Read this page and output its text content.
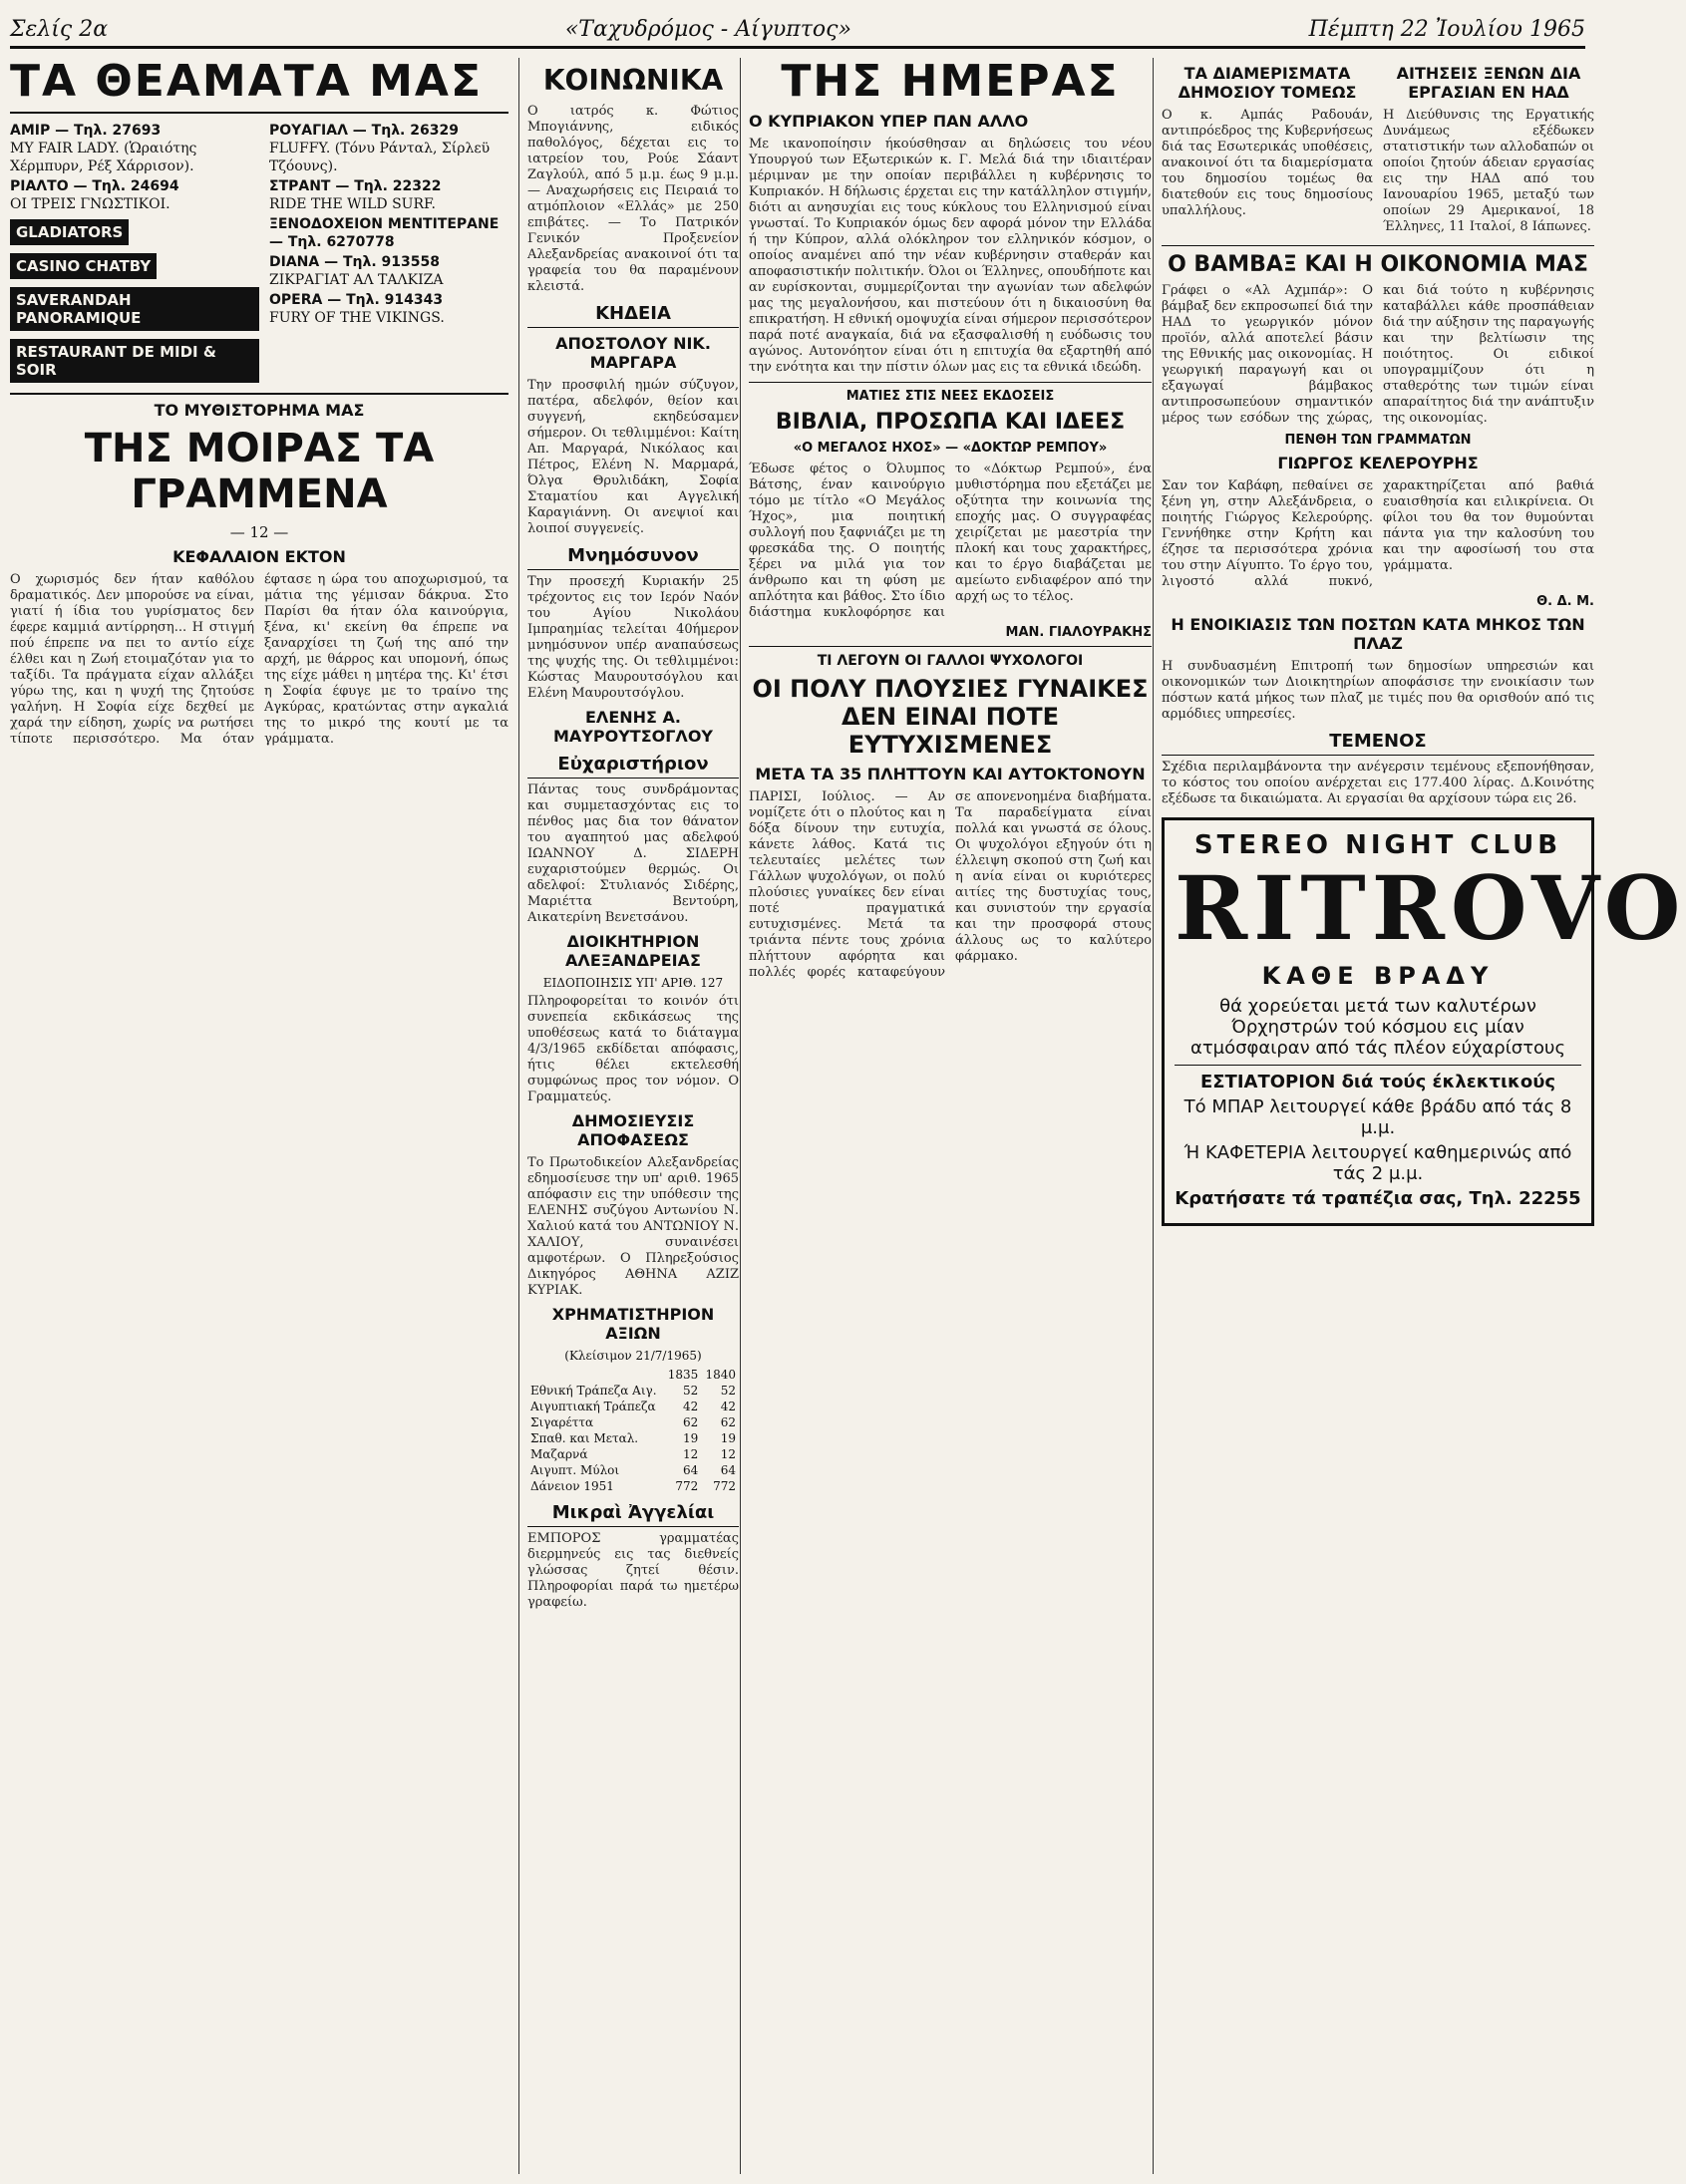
Σελίς 2α	«Ταχυδρόμος - Αίγυπτος»	Πέμπτη 22 Ἰουλίου 1965
ΤΑ ΘΕΑΜΑΤΑ ΜΑΣ

ΑΜΙΡ — Τηλ. 27693
MY FAIR LADY. (Ὡραιότης Χέρμπυρν, Ρέξ Χάρρισον).

ΡΙΑΛΤΟ — Τηλ. 24694
ΟΙ ΤΡΕΙΣ ΓΝΩΣΤΙΚΟΙ.

GLADIATORS
CASINO CHATBY
SAVERANDAH PANORAMIQUE
RESTAURANT DE MIDI & SOIR

ΡΟΥΑΓΙΑΛ — Τηλ. 26329
FLUFFY. (Τόνυ Ράνταλ, Σίρλεϋ Τζόουνς).

ΣΤΡΑΝΤ — Τηλ. 22322
RIDE THE WILD SURF.

ΞΕΝΟΔΟΧΕΙΟΝ ΜΕΝΤΙΤΕΡΑΝΕ — Τηλ. 6270778

DIANA — Τηλ. 913558
ΖΙΚΡΑΓΙΑΤ ΑΛ ΤΑΛΚΙΖΑ

OPERA — Τηλ. 914343
FURY OF THE VIKINGS.

ΤΟ ΜΥΘΙΣΤΟΡΗΜΑ ΜΑΣ
ΤΗΣ ΜΟΙΡΑΣ ΤΑ ΓΡΑΜΜΕΝΑ
— 12 —
ΚΕΦΑΛΑΙΟΝ ΕΚΤΟΝ

Ο χωρισμός δεν ήταν καθόλου δραματικός. Δεν μπορούσε να είναι, γιατί ή ίδια του γυρίσματος δεν έφερε καμμιά αντίρρηση... Η στιγμή πού έπρεπε να πει το αντίο είχε έλθει και η Ζωή ετοιμαζόταν για το ταξίδι. Τα πράγματα είχαν αλλάξει γύρω της, και η ψυχή της ζητούσε γαλήνη. Η Σοφία είχε δεχθεί με χαρά την είδηση, χωρίς να ρωτήσει τίποτε περισσότερο. Μα όταν έφτασε η ώρα του αποχωρισμού, τα μάτια της γέμισαν δάκρυα. Στο Παρίσι θα ήταν όλα καινούργια, ξένα, κι' εκείνη θα έπρεπε να ξαναρχίσει τη ζωή της από την αρχή, με θάρρος και υπομονή, όπως της είχε μάθει η μητέρα της. Κι' έτσι η Σοφία έφυγε με το τραίνο της Αγκύρας, κρατώντας στην αγκαλιά της το μικρό της κουτί με τα γράμματα.

ΚΟΙΝΩΝΙΚΑ

Ο ιατρός κ. Φώτιος Μπογιάννης, ειδικός παθολόγος, δέχεται εις το ιατρείον του, Ρούε Σάαντ Ζαγλούλ, από 5 μ.μ. έως 9 μ.μ. — Αναχωρήσεις εις Πειραιά το ατμόπλοιον «Ελλάς» με 250 επιβάτες. — Το Πατρικόν Γενικόν Προξενείον Αλεξανδρείας ανακοινοί ότι τα γραφεία του θα παραμένουν κλειστά.

ΚΗΔΕΙΑ
ΑΠΟΣΤΟΛΟΥ ΝΙΚ. ΜΑΡΓΑΡΑ

Την προσφιλή ημών σύζυγον, πατέρα, αδελφόν, θείον και συγγενή, εκηδεύσαμεν σήμερον. Οι τεθλιμμένοι: Καίτη Απ. Μαργαρά, Νικόλαος και Πέτρος, Ελένη Ν. Μαρμαρά, Όλγα Θρυλιδάκη, Σοφία Σταματίου και Αγγελική Καραγιάννη. Οι ανεψιοί και λοιποί συγγενείς.

Μνημόσυνον

Την προσεχή Κυριακήν 25 τρέχοντος εις τον Ιερόν Ναόν του Αγίου Νικολάου Ιμπραημίας τελείται 40ήμερον μνημόσυνον υπέρ αναπαύσεως της ψυχής της. Οι τεθλιμμένοι: Κώστας Μαυρουτσόγλου και Ελένη Μαυρουτσόγλου.

ΕΛΕΝΗΣ Α. ΜΑΥΡΟΥΤΣΟΓΛΟΥ
Εὐχαριστήριον

Πάντας τους συνδράμοντας και συμμετασχόντας εις το πένθος μας δια τον θάνατον του αγαπητού μας αδελφού ΙΩΑΝΝΟΥ Δ. ΣΙΔΕΡΗ ευχαριστούμεν θερμώς. Οι αδελφοί: Στυλιανός Σιδέρης, Μαριέττα Βεντούρη, Αικατερίνη Βενετσάνου.

ΔΙΟΙΚΗΤΗΡΙΟΝ ΑΛΕΞΑΝΔΡΕΙΑΣ
ΕΙΔΟΠΟΙΗΣΙΣ ΥΠ' ΑΡΙΘ. 127

Πληροφορείται το κοινόν ότι συνεπεία εκδικάσεως της υποθέσεως κατά το διάταγμα 4/3/1965 εκδίδεται απόφασις, ήτις θέλει εκτελεσθή συμφώνως προς τον νόμον. Ο Γραμματεύς.

ΔΗΜΟΣΙΕΥΣΙΣ ΑΠΟΦΑΣΕΩΣ

Το Πρωτοδικείον Αλεξανδρείας εδημοσίευσε την υπ' αριθ. 1965 απόφασιν εις την υπόθεσιν της ΕΛΕΝΗΣ συζύγου Αντωνίου Ν. Χαλιού κατά του ΑΝΤΩΝΙΟΥ Ν. ΧΑΛΙΟΥ, συναινέσει αμφοτέρων. Ο Πληρεξούσιος Δικηγόρος ΑΘΗΝΑ ΑΖΙΖ ΚΥΡΙΑΚ.

ΧΡΗΜΑΤΙΣΤΗΡΙΟΝ ΑΞΙΩΝ
(Κλείσιμον 21/7/1965)
	1835	1840
Εθνική Τράπεζα Αιγ.	52	52
Αιγυπτιακή Τράπεζα	42	42
Σιγαρέττα	62	62
Σπαθ. και Μεταλ.	19	19
Μαζαρνά	12	12
Αιγυπτ. Μύλοι	64	64
Δάνειον 1951	772	772
Μικραὶ Ἀγγελίαι

ΕΜΠΟΡΟΣ γραμματέας διερμηνεύς εις τας διεθνείς γλώσσας ζητεί θέσιν. Πληροφορίαι παρά τω ημετέρω γραφείω.

ΤΗΣ ΗΜΕΡΑΣ
Ο ΚΥΠΡΙΑΚΟΝ ΥΠΕΡ ΠΑΝ ΑΛΛΟ

Με ικανοποίησιν ήκούσθησαν αι δηλώσεις του νέου Υπουργού των Εξωτερικών κ. Γ. Μελά διά την ιδιαιτέραν μέριμναν με την οποίαν περιβάλλει η κυβέρνησις το Κυπριακόν. Η δήλωσις έρχεται εις την κατάλληλον στιγμήν, διότι αι ανησυχίαι εις τους κύκλους του Ελληνισμού είναι γνωσταί. Το Κυπριακόν όμως δεν αφορά μόνον την Ελλάδα ή την Κύπρον, αλλά ολόκληρον τον ελληνικόν κόσμον, ο οποίος αναμένει από την νέαν κυβέρνησιν σταθεράν και αποφασιστικήν πολιτικήν. Όλοι οι Έλληνες, οπουδήποτε και αν ευρίσκονται, συμμερίζονται την αγωνίαν των αδελφών μας της μεγαλονήσου, και πιστεύουν ότι η δικαιοσύνη θα επικρατήση. Η εθνική ομοψυχία είναι σήμερον περισσότερον παρά ποτέ αναγκαία, διά να εξασφαλισθή η ευόδωσις του αγώνος. Αυτονόητον είναι ότι η επιτυχία θα εξαρτηθή από την ενότητα και την πίστιν όλων μας εις τα εθνικά ιδεώδη.

ΜΑΤΙΕΣ ΣΤΙΣ ΝΕΕΣ ΕΚΔΟΣΕΙΣ
ΒΙΒΛΙΑ, ΠΡΟΣΩΠΑ ΚΑΙ ΙΔΕΕΣ
«Ο ΜΕΓΑΛΟΣ ΗΧΟΣ» — «ΔΟΚΤΩΡ ΡΕΜΠΟΥ»

Έδωσε φέτος ο Όλυμπος Βάτσης, έναν καινούργιο τόμο με τίτλο «Ο Μεγάλος Ήχος», μια ποιητική συλλογή που ξαφνιάζει με τη φρεσκάδα της. Ο ποιητής ξέρει να μιλά για τον άνθρωπο και τη φύση με απλότητα και βάθος. Στο ίδιο διάστημα κυκλοφόρησε και το «Δόκτωρ Ρεμπού», ένα μυθιστόρημα που εξετάζει με οξύτητα την κοινωνία της εποχής μας. Ο συγγραφέας χειρίζεται με μαεστρία την πλοκή και τους χαρακτήρες, και το έργο διαβάζεται με αμείωτο ενδιαφέρον από την αρχή ως το τέλος.

ΜΑΝ. ΓΙΑΛΟΥΡΑΚΗΣ
ΤΙ ΛΕΓΟΥΝ ΟΙ ΓΑΛΛΟΙ ΨΥΧΟΛΟΓΟΙ
ΟΙ ΠΟΛΥ ΠΛΟΥΣΙΕΣ ΓΥΝΑΙΚΕΣ ΔΕΝ ΕΙΝΑΙ ΠΟΤΕ ΕΥΤΥΧΙΣΜΕΝΕΣ
ΜΕΤΑ ΤΑ 35 ΠΛΗΤΤΟΥΝ ΚΑΙ ΑΥΤΟΚΤΟΝΟΥΝ

ΠΑΡΙΣΙ, Ιούλιος. — Αν νομίζετε ότι ο πλούτος και η δόξα δίνουν την ευτυχία, κάνετε λάθος. Κατά τις τελευταίες μελέτες των Γάλλων ψυχολόγων, οι πολύ πλούσιες γυναίκες δεν είναι ποτέ πραγματικά ευτυχισμένες. Μετά τα τριάντα πέντε τους χρόνια πλήττουν αφόρητα και πολλές φορές καταφεύγουν σε απονενοημένα διαβήματα. Τα παραδείγματα είναι πολλά και γνωστά σε όλους. Οι ψυχολόγοι εξηγούν ότι η έλλειψη σκοπού στη ζωή και η ανία είναι οι κυριότερες αιτίες της δυστυχίας τους, και συνιστούν την εργασία και την προσφορά στους άλλους ως το καλύτερο φάρμακο.

ΤΑ ΔΙΑΜΕΡΙΣΜΑΤΑ ΔΗΜΟΣΙΟΥ ΤΟΜΕΩΣ

Ο κ. Αμπάς Ραδουάν, αντιπρόεδρος της Κυβερνήσεως διά τας Εσωτερικάς υποθέσεις, ανακοινοί ότι τα διαμερίσματα του δημοσίου τομέως θα διατεθούν εις τους δημοσίους υπαλλήλους.

ΑΙΤΗΣΕΙΣ ΞΕΝΩΝ ΔΙΑ ΕΡΓΑΣΙΑΝ ΕΝ ΗΑΔ

Η Διεύθυνσις της Εργατικής Δυνάμεως εξέδωκεν στατιστικήν των αλλοδαπών οι οποίοι ζητούν άδειαν εργασίας εις την ΗΑΔ από του Ιανουαρίου 1965, μεταξύ των οποίων 29 Αμερικανοί, 18 Έλληνες, 11 Ιταλοί, 8 Ιάπωνες.

Ο ΒΑΜΒΑΞ ΚΑΙ Η ΟΙΚΟΝΟΜΙΑ ΜΑΣ

Γράφει ο «Αλ Αχμπάρ»: Ο βάμβαξ δεν εκπροσωπεί διά την ΗΑΔ το γεωργικόν μόνον προϊόν, αλλά αποτελεί βάσιν της Εθνικής μας οικονομίας. Η γεωργική παραγωγή και οι εξαγωγαί βάμβακος αντιπροσωπεύουν σημαντικόν μέρος των εσόδων της χώρας, και διά τούτο η κυβέρνησις καταβάλλει κάθε προσπάθειαν διά την αύξησιν της παραγωγής και την βελτίωσιν της ποιότητος. Οι ειδικοί υπογραμμίζουν ότι η σταθερότης των τιμών είναι απαραίτητος διά την ανάπτυξιν της οικονομίας.

ΠΕΝΘΗ ΤΩΝ ΓΡΑΜΜΑΤΩΝ
ΓΙΩΡΓΟΣ ΚΕΛΕΡΟΥΡΗΣ

Σαν τον Καβάφη, πεθαίνει σε ξένη γη, στην Αλεξάνδρεια, ο ποιητής Γιώργος Κελερούρης. Γεννήθηκε στην Κρήτη και έζησε τα περισσότερα χρόνια του στην Αίγυπτο. Το έργο του, λιγοστό αλλά πυκνό, χαρακτηρίζεται από βαθιά ευαισθησία και ειλικρίνεια. Οι φίλοι του θα τον θυμούνται πάντα για την καλοσύνη του και την αφοσίωσή του στα γράμματα.

Θ. Δ. Μ.
Η ΕΝΟΙΚΙΑΣΙΣ ΤΩΝ ΠΟΣΤΩΝ ΚΑΤΑ ΜΗΚΟΣ ΤΩΝ ΠΛΑΖ

Η συνδυασμένη Επιτροπή των δημοσίων υπηρεσιών και οικονομικών των Διοικητηρίων αποφάσισε την ενοικίασιν των πόστων κατά μήκος των πλαζ με τιμές που θα ορισθούν από τις αρμόδιες υπηρεσίες.

ΤΕΜΕΝΟΣ

Σχέδια περιλαμβάνοντα την ανέγερσιν τεμένους εξεπονήθησαν, το κόστος του οποίου ανέρχεται εις 177.400 λίρας. Δ.Κοινότης εξέδωσε τα δικαιώματα. Αι εργασίαι θα αρχίσουν τώρα εις 26.

STEREO NIGHT CLUB
RITROVO
ΚΑΘΕ ΒΡΑΔΥ
θά χορεύεται μετά των καλυτέρων Όρχηστρών τού κόσμου εις μίαν ατμόσφαιραν από τάς πλέον εύχαρίστους
ΕΣΤΙΑΤΟΡΙΟΝ διά τούς έκλεκτικούς
Τό ΜΠΑΡ λειτουργεί κάθε βράδυ από τάς 8 μ.μ.
Ή ΚΑΦΕΤΕΡΙΑ λειτουργεί καθημερινώς από τάς 2 μ.μ.
Κρατήσατε τά τραπέζια σας, Τηλ. 22255
